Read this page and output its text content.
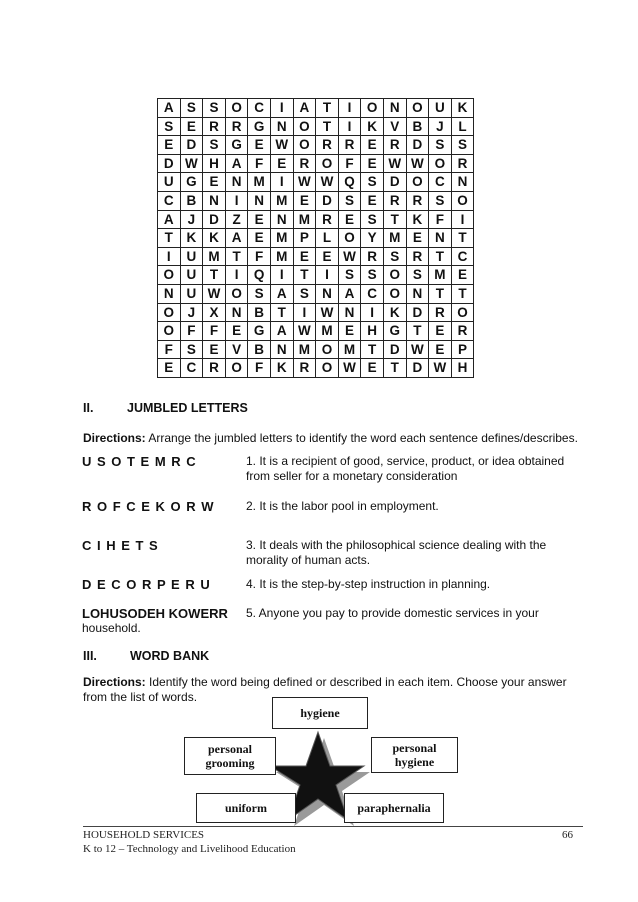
A	S	S	O	C	I	A	T	I	O	N	O	U	K
S	E	R	R	G	N	O	T	I	K	V	B	J	L
E	D	S	G	E	W	O	R	R	E	R	D	S	S
D	W	H	A	F	E	R	O	F	E	W	W	O	R
U	G	E	N	M	I	W	W	Q	S	D	O	C	N
C	B	N	I	N	M	E	D	S	E	R	R	S	O
A	J	D	Z	E	N	M	R	E	S	T	K	F	I
T	K	K	A	E	M	P	L	O	Y	M	E	N	T
I	U	M	T	F	M	E	E	W	R	S	R	T	C
O	U	T	I	Q	I	T	I	S	S	O	S	M	E
N	U	W	O	S	A	S	N	A	C	O	N	T	T
O	J	X	N	B	T	I	W	N	I	K	D	R	O
O	F	F	E	G	A	W	M	E	H	G	T	E	R
F	S	E	V	B	N	M	O	M	T	D	W	E	P
E	C	R	O	F	K	R	O	W	E	T	D	W	H
II.	JUMBLED LETTERS
Directions: Arrange the jumbled letters to identify the word each sentence defines/describes.
U S O T E M R C	1. It is a recipient of good, service, product, or idea obtained from seller for a monetary consideration
R O F C E K O R W	2. It is the labor pool in employment.
C I H E T S	3. It deals with the philosophical science dealing with the morality of human acts.
D E C O R P E R U	4. It is the step-by-step instruction in planning.
LOHUSODEH KOWERR 5. Anyone you pay to provide domestic services in your
household.
III.	WORD BANK
Directions: Identify the word being defined or described in each item. Choose your answer from the list of words.
hygiene
personal grooming
personal hygiene
uniform	paraphernalia
HOUSEHOLD SERVICES	66
K to 12 – Technology and Livelihood Education
